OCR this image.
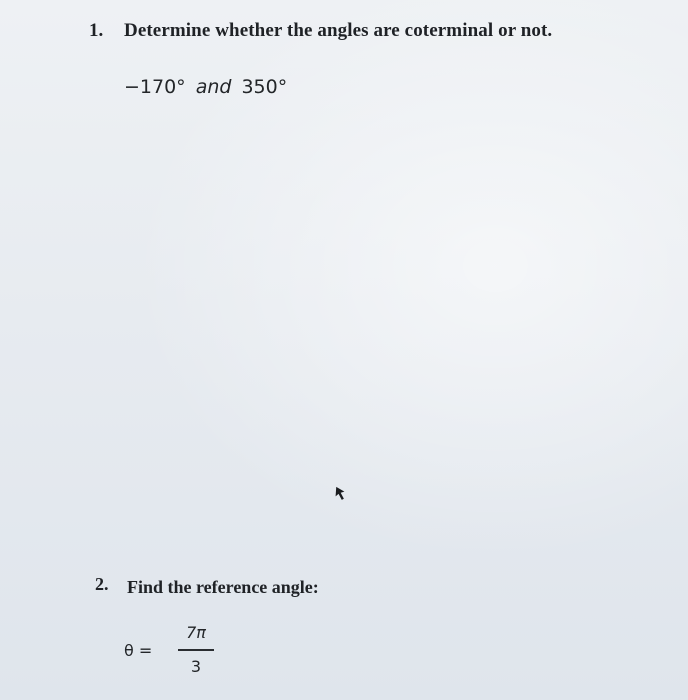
1. Determine whether the angles are coterminal or not.
−170° and 350°
2. Find the reference angle:
θ =
7π
3
